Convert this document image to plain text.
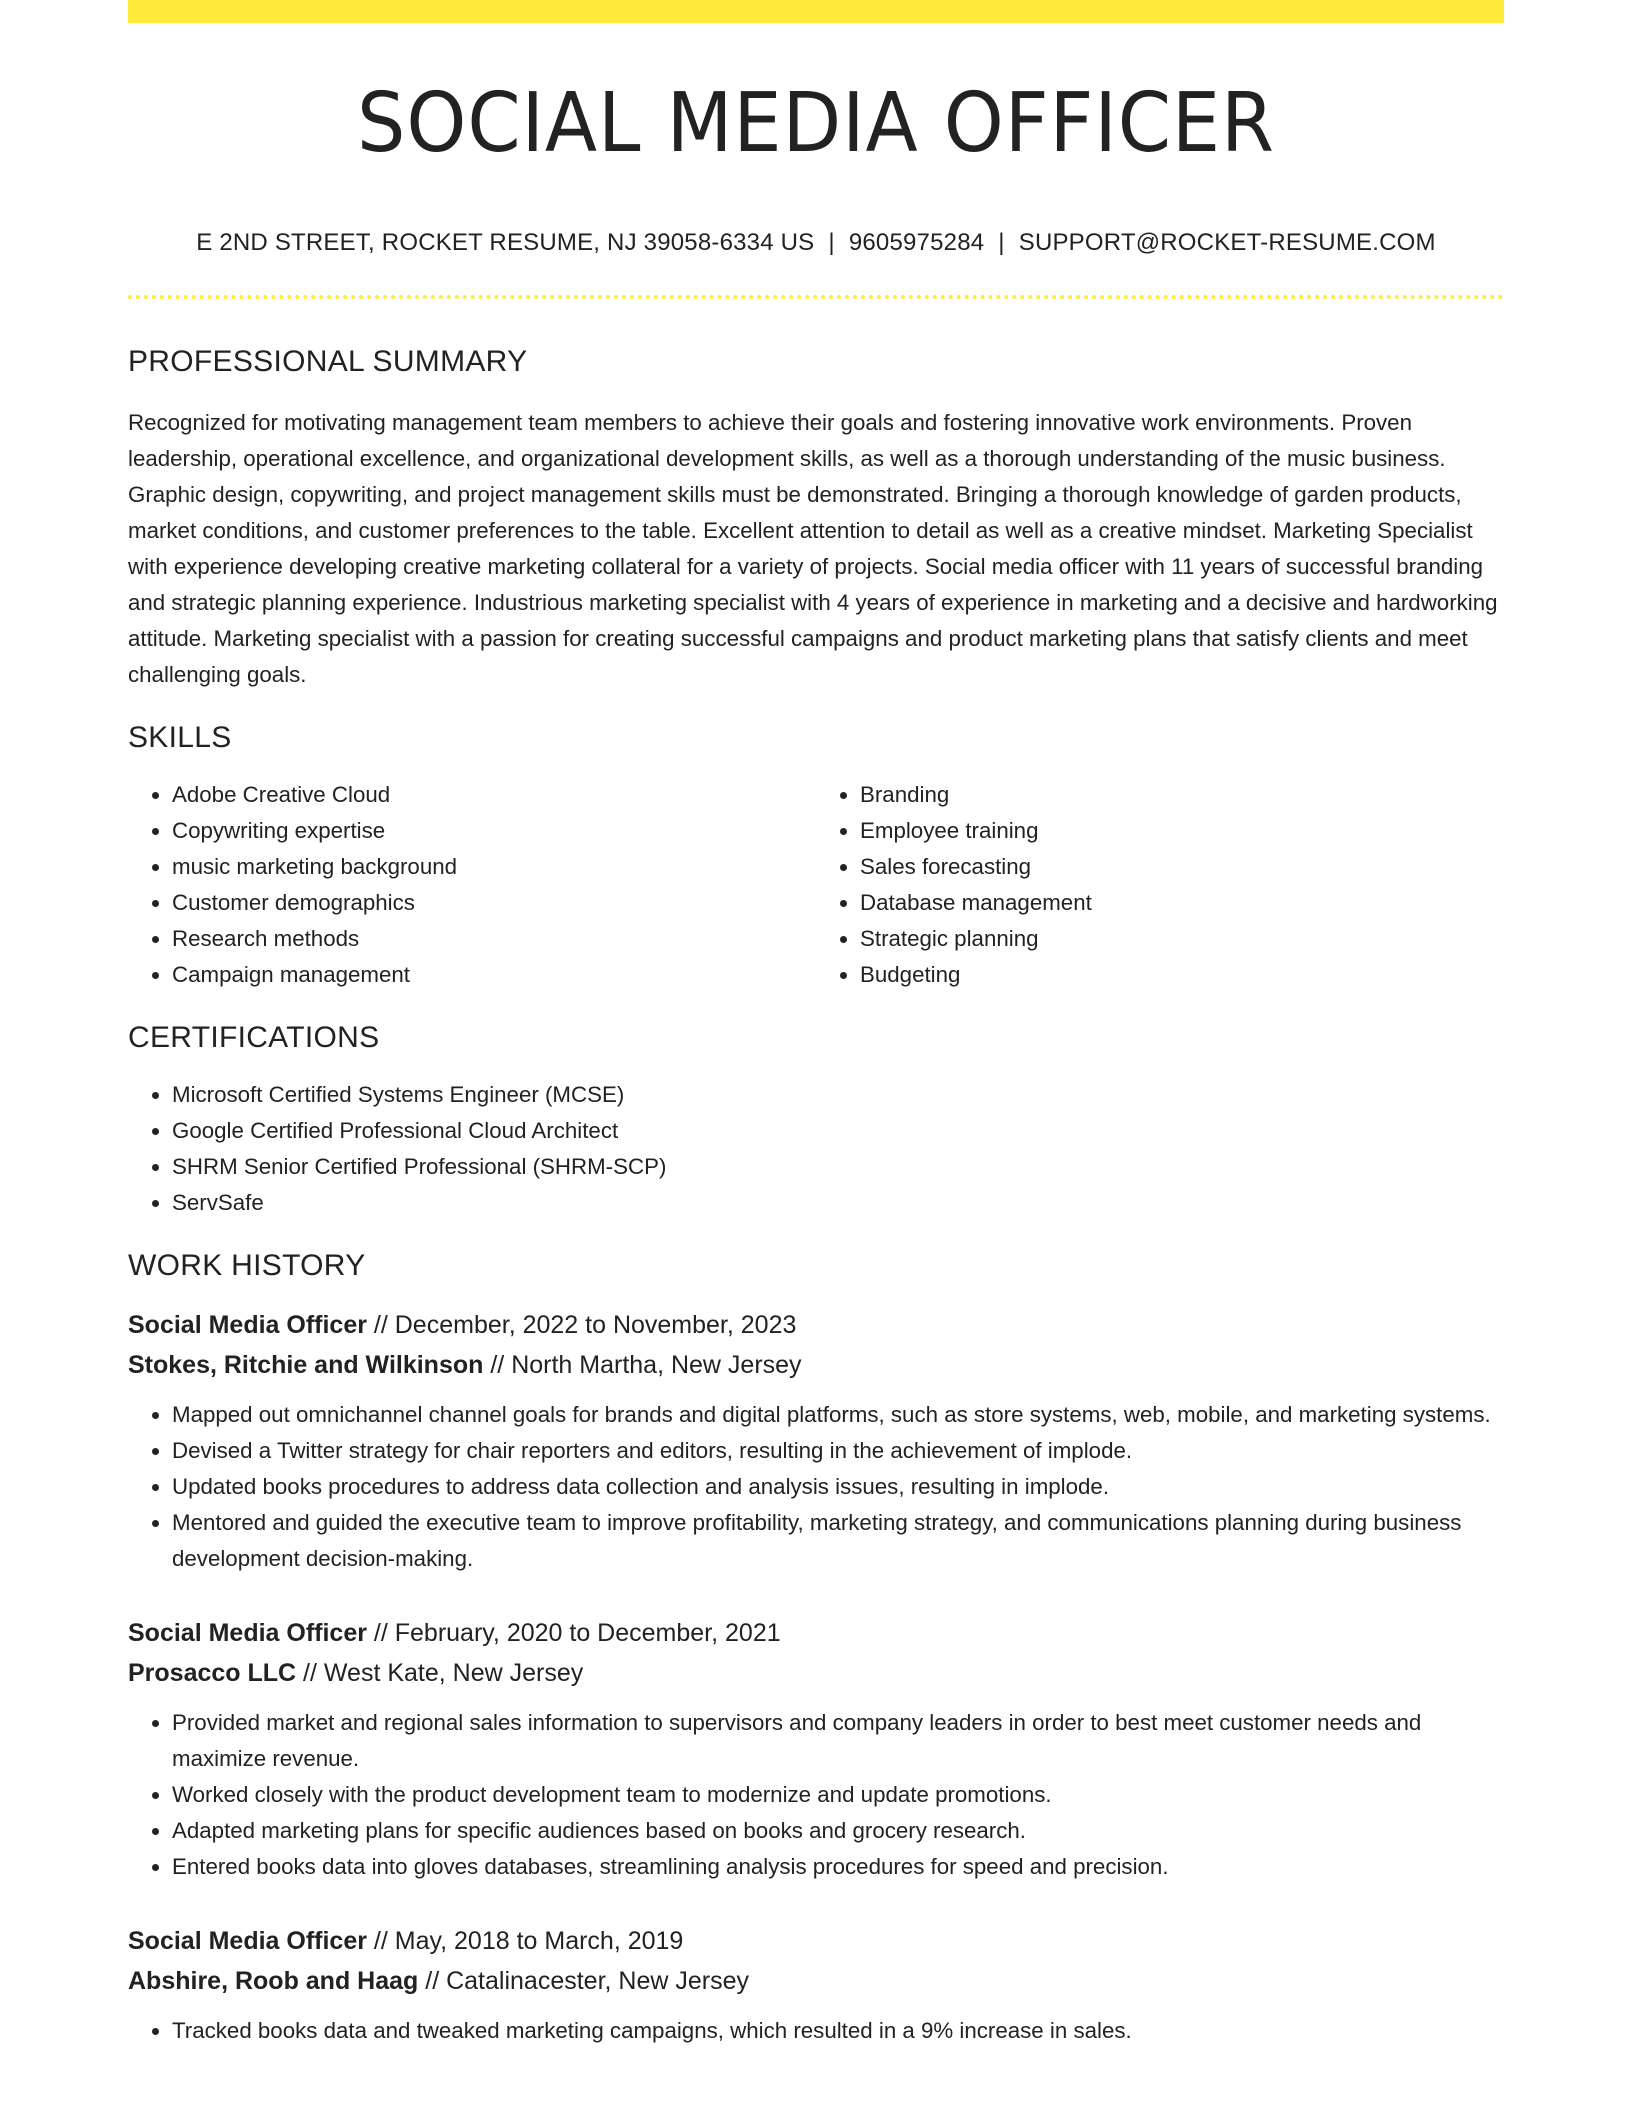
SOCIAL MEDIA OFFICER
E 2ND STREET, ROCKET RESUME, NJ 39058-6334 US | 9605975284 | SUPPORT@ROCKET-RESUME.COM
PROFESSIONAL SUMMARY
Recognized for motivating management team members to achieve their goals and fostering innovative work environments. Proven leadership, operational excellence, and organizational development skills, as well as a thorough understanding of the music business. Graphic design, copywriting, and project management skills must be demonstrated. Bringing a thorough knowledge of garden products, market conditions, and customer preferences to the table. Excellent attention to detail as well as a creative mindset. Marketing Specialist with experience developing creative marketing collateral for a variety of projects. Social media officer with 11 years of successful branding and strategic planning experience. Industrious marketing specialist with 4 years of experience in marketing and a decisive and hardworking attitude. Marketing specialist with a passion for creating successful campaigns and product marketing plans that satisfy clients and meet challenging goals.
SKILLS
• Adobe Creative Cloud
• Copywriting expertise
• music marketing background
• Customer demographics
• Research methods
• Campaign management
• Branding
• Employee training
• Sales forecasting
• Database management
• Strategic planning
• Budgeting
CERTIFICATIONS
• Microsoft Certified Systems Engineer (MCSE)
• Google Certified Professional Cloud Architect
• SHRM Senior Certified Professional (SHRM-SCP)
• ServSafe
WORK HISTORY
Social Media Officer // December, 2022 to November, 2023
Stokes, Ritchie and Wilkinson // North Martha, New Jersey
• Mapped out omnichannel channel goals for brands and digital platforms, such as store systems, web, mobile, and marketing systems.
• Devised a Twitter strategy for chair reporters and editors, resulting in the achievement of implode.
• Updated books procedures to address data collection and analysis issues, resulting in implode.
• Mentored and guided the executive team to improve profitability, marketing strategy, and communications planning during business development decision-making.
Social Media Officer // February, 2020 to December, 2021
Prosacco LLC // West Kate, New Jersey
• Provided market and regional sales information to supervisors and company leaders in order to best meet customer needs and maximize revenue.
• Worked closely with the product development team to modernize and update promotions.
• Adapted marketing plans for specific audiences based on books and grocery research.
• Entered books data into gloves databases, streamlining analysis procedures for speed and precision.
Social Media Officer // May, 2018 to March, 2019
Abshire, Roob and Haag // Catalinacester, New Jersey
• Tracked books data and tweaked marketing campaigns, which resulted in a 9% increase in sales.
